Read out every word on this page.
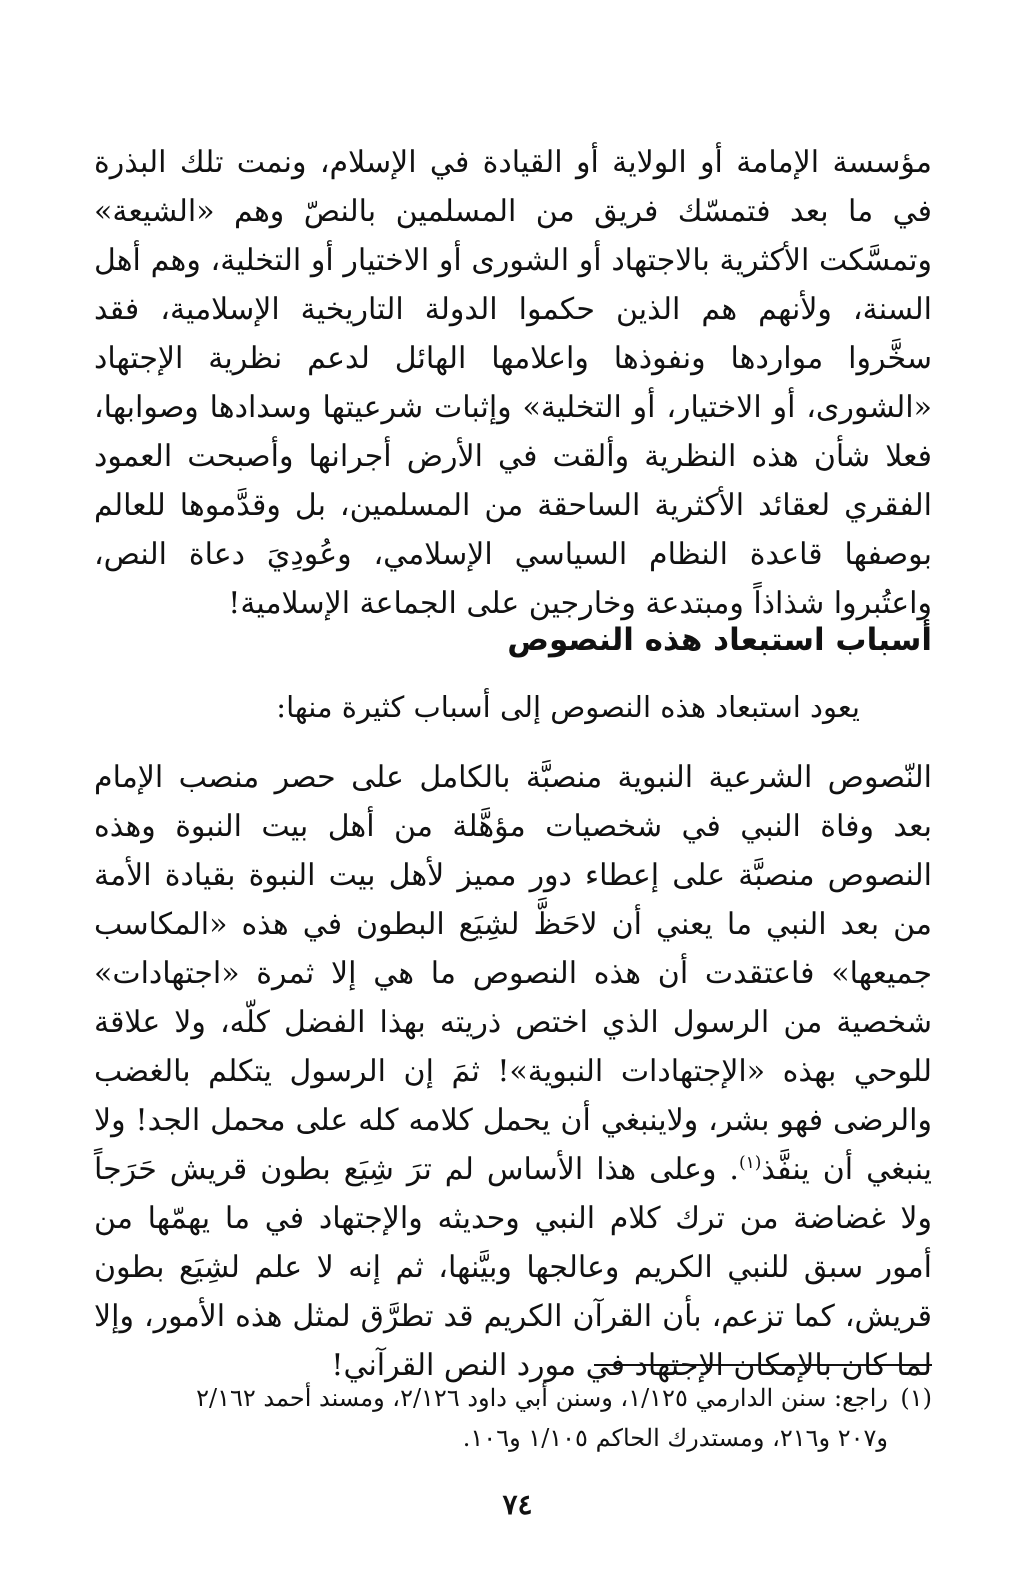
مؤسسة الإمامة أو الولاية أو القيادة في الإسلام، ونمت تلك البذرة في ما بعد فتمسّك فريق من المسلمين بالنصّ وهم «الشيعة» وتمسَّكت الأكثرية بالاجتهاد أو الشورى أو الاختيار أو التخلية، وهم أهل السنة، ولأنهم هم الذين حكموا الدولة التاريخية الإسلامية، فقد سخَّروا مواردها ونفوذها واعلامها الهائل لدعم نظرية الإجتهاد «الشورى، أو الاختيار، أو التخلية» وإثبات شرعيتها وسدادها وصوابها، فعلا شأن هذه النظرية وألقت في الأرض أجرانها وأصبحت العمود الفقري لعقائد الأكثرية الساحقة من المسلمين، بل وقدَّموها للعالم بوصفها قاعدة النظام السياسي الإسلامي، وعُودِيَ دعاة النص، واعتُبروا شذاذاً ومبتدعة وخارجين على الجماعة الإسلامية!

أسباب استبعاد هذه النصوص

يعود استبعاد هذه النصوص إلى أسباب كثيرة منها:

النّصوص الشرعية النبوية منصبَّة بالكامل على حصر منصب الإمام بعد وفاة النبي في شخصيات مؤهَّلة من أهل بيت النبوة وهذه النصوص منصبَّة على إعطاء دور مميز لأهل بيت النبوة بقيادة الأمة من بعد النبي ما يعني أن لاحَظَّ لشِيَع البطون في هذه «المكاسب جميعها» فاعتقدت أن هذه النصوص ما هي إلا ثمرة «اجتهادات» شخصية من الرسول الذي اختص ذريته بهذا الفضل كلّه، ولا علاقة للوحي بهذه «الإجتهادات النبوية»! ثمَ إن الرسول يتكلم بالغضب والرضى فهو بشر، ولاينبغي أن يحمل كلامه كله على محمل الجد! ولا ينبغي أن ينفَّذ$^{(١)}$. وعلى هذا الأساس لم ترَ شِيَع بطون قريش حَرَجاً ولا غضاضة من ترك كلام النبي وحديثه والإجتهاد في ما يهمّها من أمور سبق للنبي الكريم وعالجها وبيَّنها، ثم إنه لا علم لشِيَع بطون قريش، كما تزعم، بأن القرآن الكريم قد تطرَّق لمثل هذه الأمور، وإلا لما كان بالإمكان الإجتهاد في مورد النص القرآني!

(١)راجع: سنن الدارمي ١/١٢٥، وسنن أبي داود ٢/١٢٦، ومسند أحمد ٢/١٦٢
و٢٠٧ و٢١٦، ومستدرك الحاكم ١/١٠٥ و١٠٦.

٧٤
